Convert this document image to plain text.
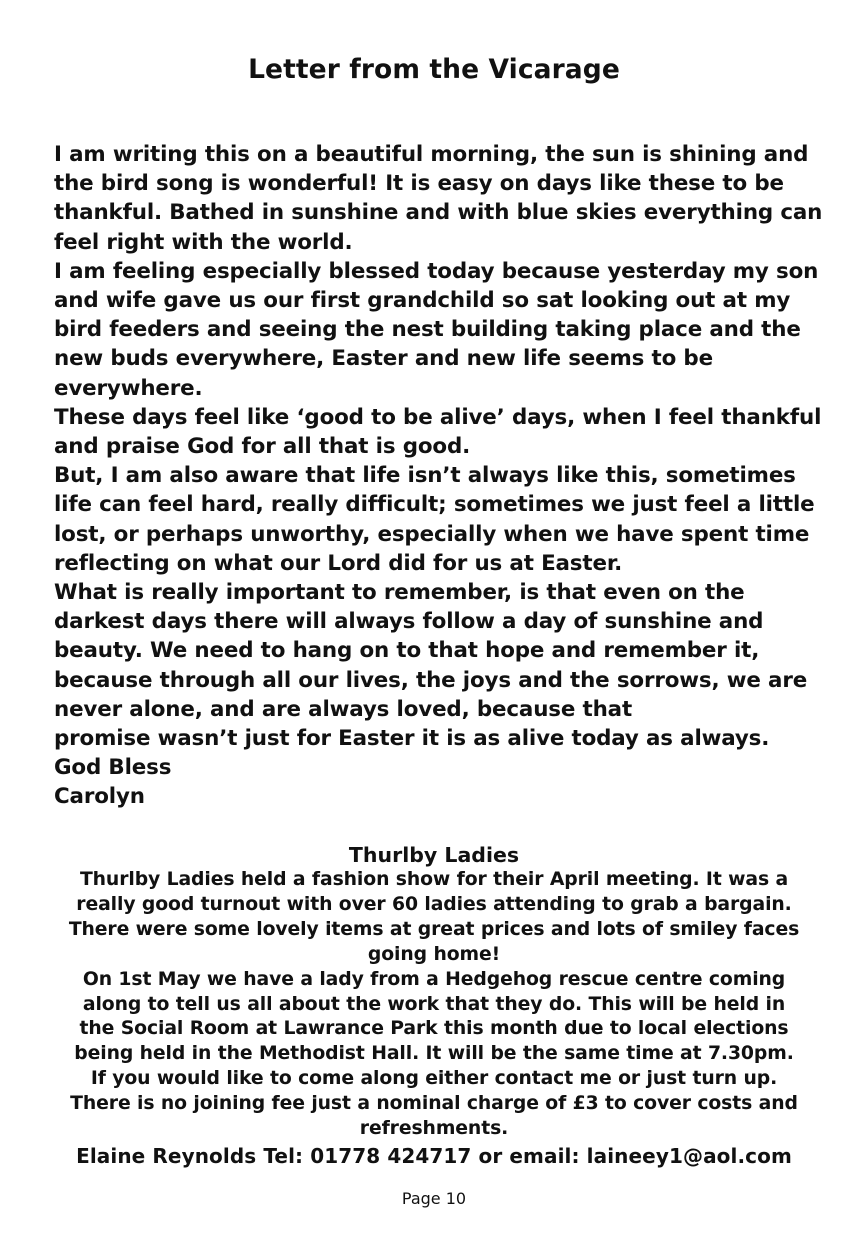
Letter from the Vicarage

I am writing this on a beautiful morning, the sun is shining and

the bird song is wonderful! It is easy on days like these to be

thankful. Bathed in sunshine and with blue skies everything can

feel right with the world.

I am feeling especially blessed today because yesterday my son

and wife gave us our first grandchild so sat looking out at my

bird feeders and seeing the nest building taking place and the

new buds everywhere, Easter and new life seems to be

everywhere.

These days feel like ‘good to be alive’ days, when I feel thankful

and praise God for all that is good.

But, I am also aware that life isn’t always like this, sometimes

life can feel hard, really difficult; sometimes we just feel a little

lost, or perhaps unworthy, especially when we have spent time

reflecting on what our Lord did for us at Easter.

What is really important to remember, is that even on the

darkest days there will always follow a day of sunshine and

beauty. We need to hang on to that hope and remember it,

because through all our lives, the joys and the sorrows, we are

never alone, and are always loved, because that

promise wasn’t just for Easter it is as alive today as always.

God Bless

Carolyn

Thurlby Ladies

Thurlby Ladies held a fashion show for their April meeting. It was a

really good turnout with over 60 ladies attending to grab a bargain.

There were some lovely items at great prices and lots of smiley faces

going home!

On 1st May we have a lady from a Hedgehog rescue centre coming

along to tell us all about the work that they do. This will be held in

the Social Room at Lawrance Park this month due to local elections

being held in the Methodist Hall. It will be the same time at 7.30pm.

If you would like to come along either contact me or just turn up.

There is no joining fee just a nominal charge of £3 to cover costs and

refreshments.

Elaine Reynolds Tel: 01778 424717 or email: laineey1@aol.com

Page 10
